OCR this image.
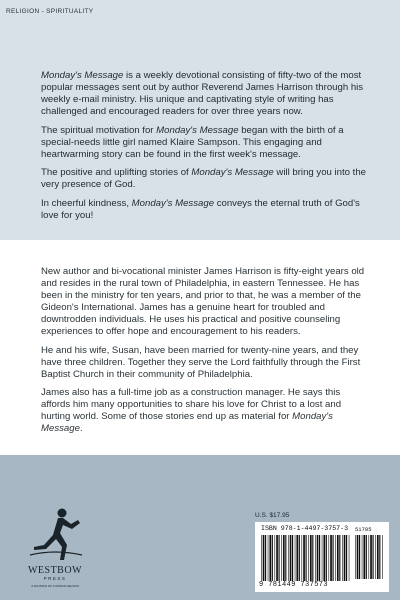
RELIGION - SPIRITUALITY

Monday's Message is a weekly devotional consisting of fifty-two of the most popular messages sent out by author Reverend James Harrison through his weekly e-mail ministry. His unique and captivating style of writing has challenged and encouraged readers for over three years now.

The spiritual motivation for Monday's Message began with the birth of a special-needs little girl named Klaire Sampson. This engaging and heartwarming story can be found in the first week's message.

The positive and uplifting stories of Monday's Message will bring you into the very presence of God.

In cheerful kindness, Monday's Message conveys the eternal truth of God's love for you!

New author and bi-vocational minister James Harrison is fifty-eight years old and resides in the rural town of Philadelphia, in eastern Tennessee. He has been in the ministry for ten years, and prior to that, he was a member of the Gideon's International. James has a genuine heart for troubled and downtrodden individuals. He uses his practical and positive counseling experiences to offer hope and encouragement to his readers.

He and his wife, Susan, have been married for twenty-nine years, and they have three children. Together they serve the Lord faithfully through the First Baptist Church in their community of Philadelphia.

James also has a full-time job as a construction manager. He says this affords him many opportunities to share his love for Christ to a lost and hurting world. Some of those stories end up as material for Monday's Message.

WESTBOW
PRESS
A DIVISION OF THOMAS NELSON
U.S. $17.95
ISBN 978-1-4497-3757-3 51795
9 781449 737573
